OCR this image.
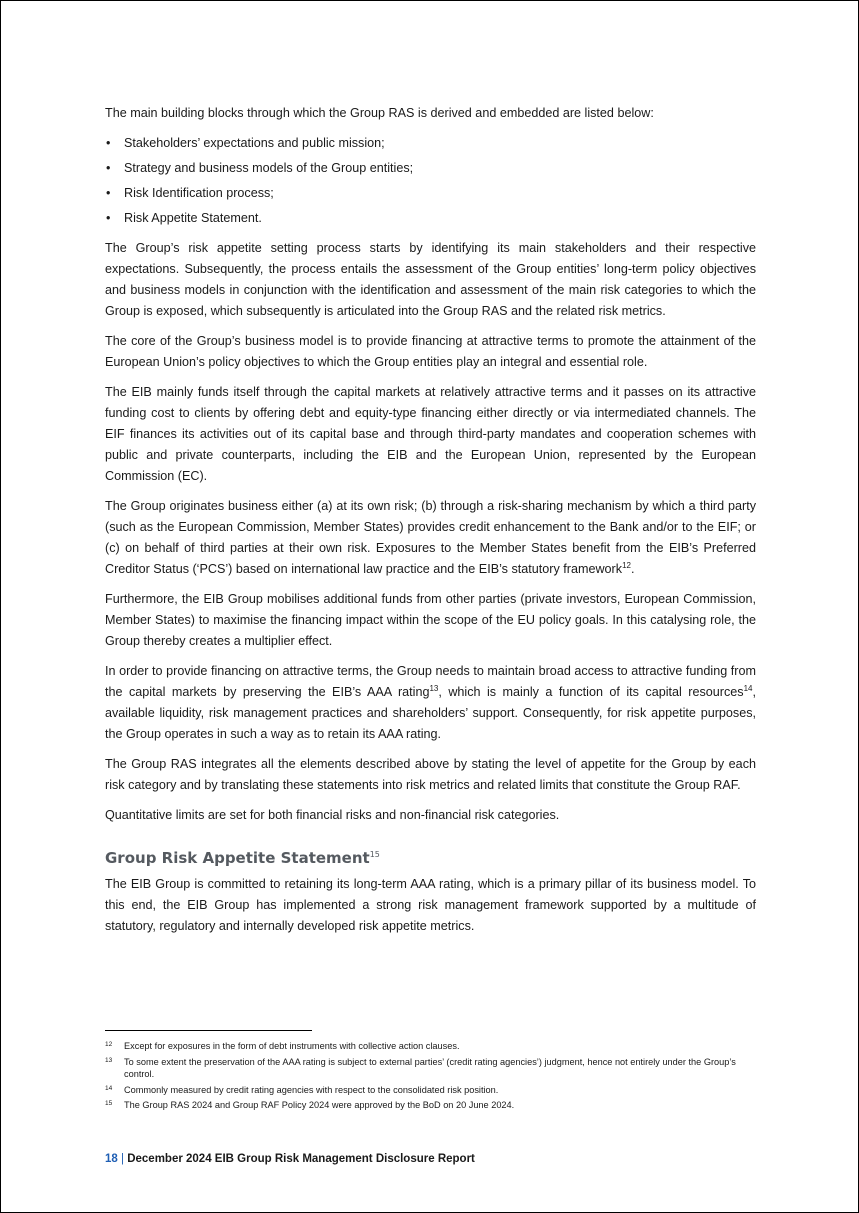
The main building blocks through which the Group RAS is derived and embedded are listed below:

• Stakeholders’ expectations and public mission;
• Strategy and business models of the Group entities;
• Risk Identification process;
• Risk Appetite Statement.

The Group’s risk appetite setting process starts by identifying its main stakeholders and their respective expectations. Subsequently, the process entails the assessment of the Group entities’ long-term policy objectives and business models in conjunction with the identification and assessment of the main risk categories to which the Group is exposed, which subsequently is articulated into the Group RAS and the related risk metrics.

The core of the Group’s business model is to provide financing at attractive terms to promote the attainment of the European Union’s policy objectives to which the Group entities play an integral and essential role.

The EIB mainly funds itself through the capital markets at relatively attractive terms and it passes on its attractive funding cost to clients by offering debt and equity-type financing either directly or via intermediated channels. The EIF finances its activities out of its capital base and through third-party mandates and cooperation schemes with public and private counterparts, including the EIB and the European Union, represented by the European Commission (EC).

The Group originates business either (a) at its own risk; (b) through a risk-sharing mechanism by which a third party (such as the European Commission, Member States) provides credit enhancement to the Bank and/or to the EIF; or (c) on behalf of third parties at their own risk. Exposures to the Member States benefit from the EIB’s Preferred Creditor Status (‘PCS’) based on international law practice and the EIB’s statutory framework$^{12}$.

Furthermore, the EIB Group mobilises additional funds from other parties (private investors, European Commission, Member States) to maximise the financing impact within the scope of the EU policy goals. In this catalysing role, the Group thereby creates a multiplier effect.

In order to provide financing on attractive terms, the Group needs to maintain broad access to attractive funding from the capital markets by preserving the EIB’s AAA rating$^{13}$, which is mainly a function of its capital resources$^{14}$, available liquidity, risk management practices and shareholders’ support. Consequently, for risk appetite purposes, the Group operates in such a way as to retain its AAA rating.

The Group RAS integrates all the elements described above by stating the level of appetite for the Group by each risk category and by translating these statements into risk metrics and related limits that constitute the Group RAF.

Quantitative limits are set for both financial risks and non-financial risk categories.

Group Risk Appetite Statement$^{15}$

The EIB Group is committed to retaining its long-term AAA rating, which is a primary pillar of its business model. To this end, the EIB Group has implemented a strong risk management framework supported by a multitude of statutory, regulatory and internally developed risk appetite metrics.

12 Except for exposures in the form of debt instruments with collective action clauses.
13 To some extent the preservation of the AAA rating is subject to external parties’ (credit rating agencies’) judgment, hence not entirely under the Group’s control.
14 Commonly measured by credit rating agencies with respect to the consolidated risk position.
15 The Group RAS 2024 and Group RAF Policy 2024 were approved by the BoD on 20 June 2024.
18 | December 2024 EIB Group Risk Management Disclosure Report
